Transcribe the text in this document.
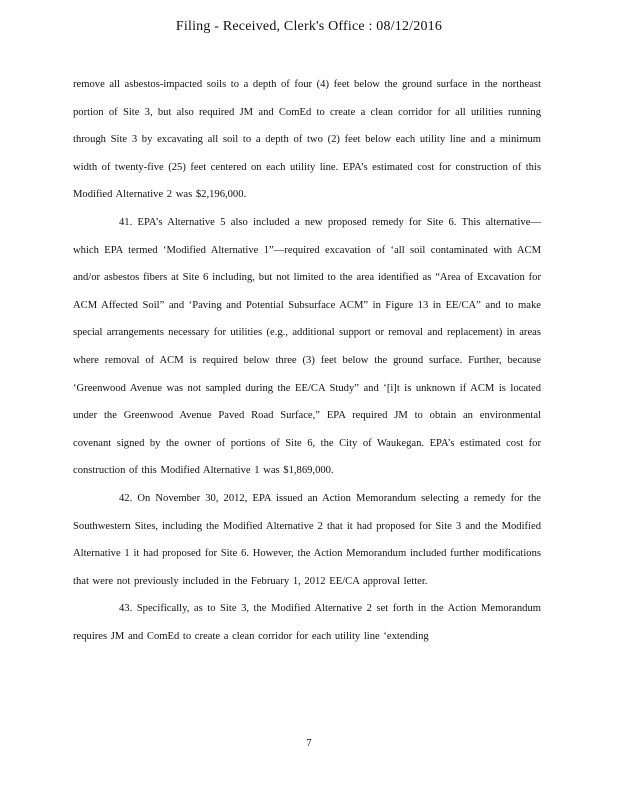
Filing - Received, Clerk's Office : 08/12/2016

remove all asbestos-impacted soils to a depth of four (4) feet below the ground surface in the northeast portion of Site 3, but also required JM and ComEd to create a clean corridor for all utilities running through Site 3 by excavating all soil to a depth of two (2) feet below each utility line and a minimum width of twenty-five (25) feet centered on each utility line. EPA’s estimated cost for construction of this Modified Alternative 2 was $2,196,000.

41. EPA’s Alternative 5 also included a new proposed remedy for Site 6. This alternative—which EPA termed ‘Modified Alternative 1”—required excavation of ‘all soil contaminated with ACM and/or asbestos fibers at Site 6 including, but not limited to the area identified as “Area of Excavation for ACM Affected Soil” and ‘Paving and Potential Subsurface ACM” in Figure 13 in EE/CA” and to make special arrangements necessary for utilities (e.g., additional support or removal and replacement) in areas where removal of ACM is required below three (3) feet below the ground surface. Further, because ‘Greenwood Avenue was not sampled during the EE/CA Study” and ‘[i]t is unknown if ACM is located under the Greenwood Avenue Paved Road Surface,” EPA required JM to obtain an environmental covenant signed by the owner of portions of Site 6, the City of Waukegan. EPA’s estimated cost for construction of this Modified Alternative 1 was $1,869,000.

42. On November 30, 2012, EPA issued an Action Memorandum selecting a remedy for the Southwestern Sites, including the Modified Alternative 2 that it had proposed for Site 3 and the Modified Alternative 1 it had proposed for Site 6. However, the Action Memorandum included further modifications that were not previously included in the February 1, 2012 EE/CA approval letter.

43. Specifically, as to Site 3, the Modified Alternative 2 set forth in the Action Memorandum requires JM and ComEd to create a clean corridor for each utility line ‘extending

7
